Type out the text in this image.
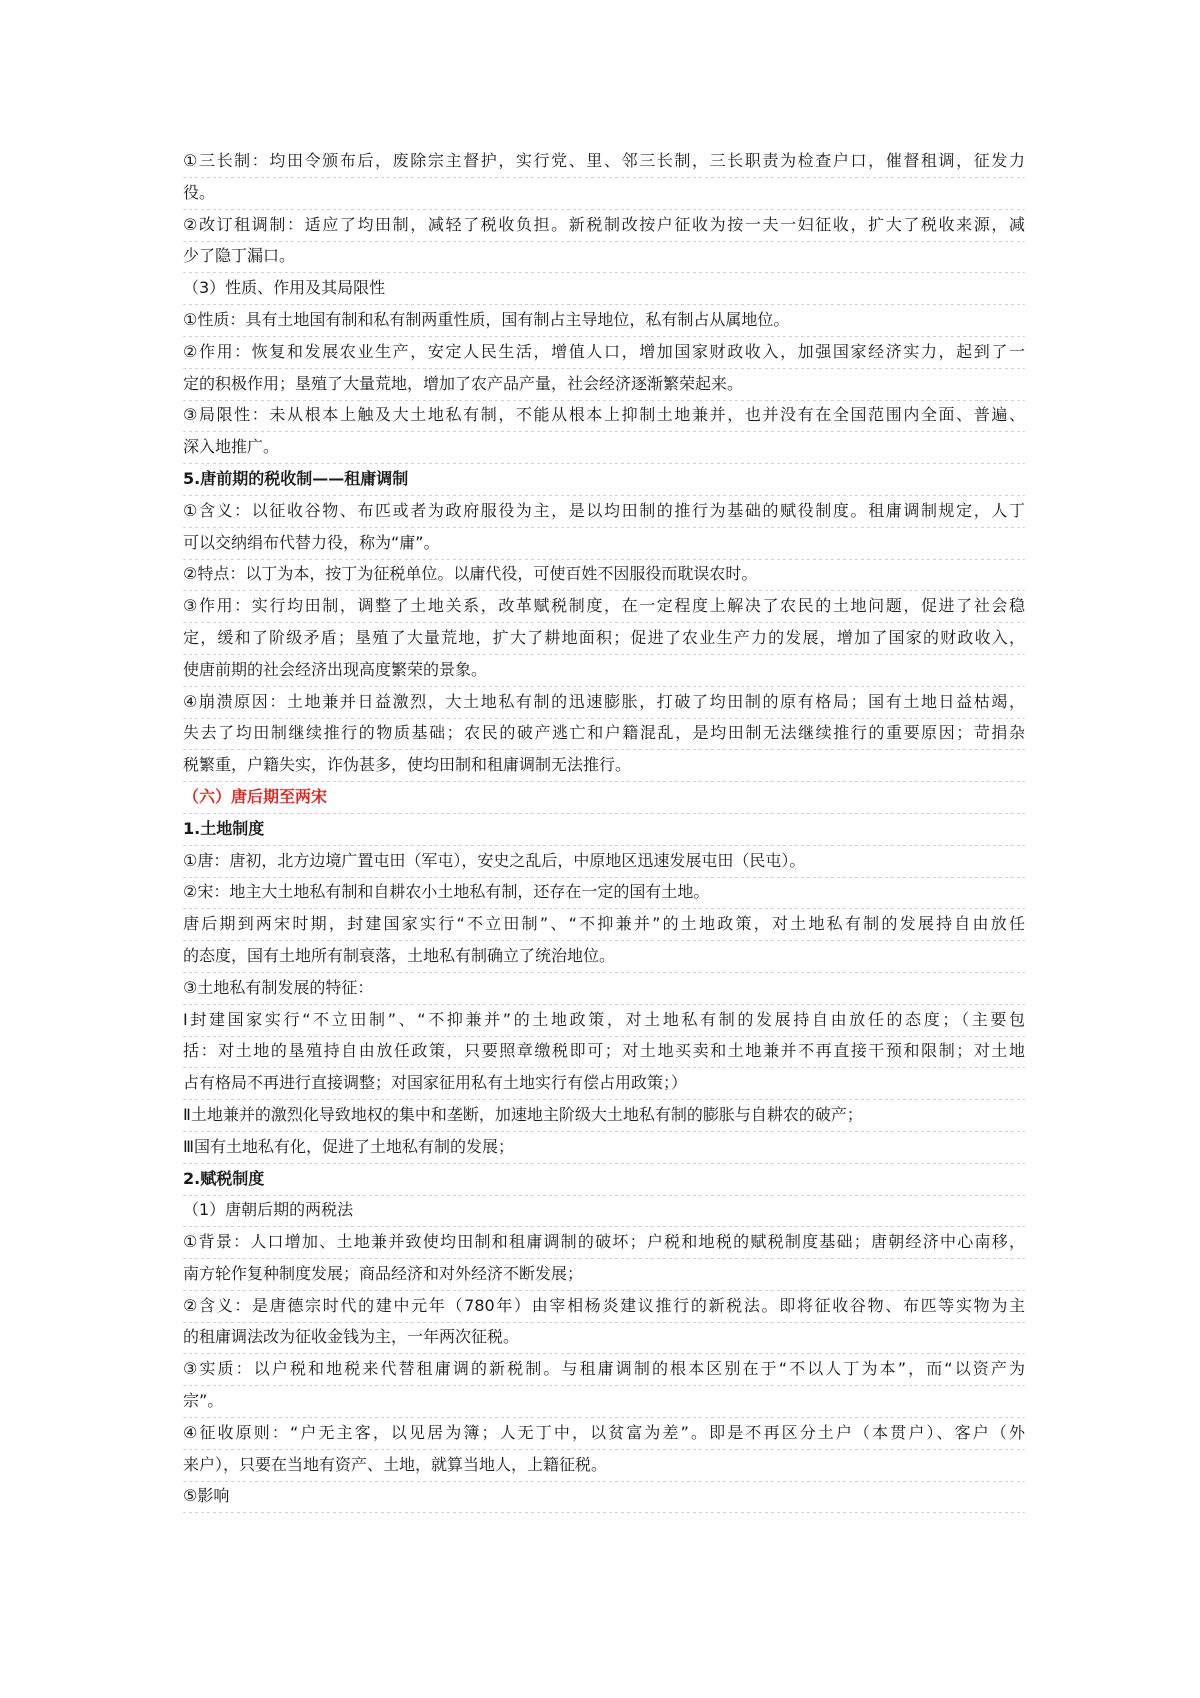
①三长制：均田令颁布后，废除宗主督护，实行党、里、邻三长制，三长职责为检查户口，催督租调，征发力
役。
②改订租调制：适应了均田制，减轻了税收负担。新税制改按户征收为按一夫一妇征收，扩大了税收来源，减
少了隐丁漏口。
（3）性质、作用及其局限性
①性质：具有土地国有制和私有制两重性质，国有制占主导地位，私有制占从属地位。
②作用：恢复和发展农业生产，安定人民生活，增值人口，增加国家财政收入，加强国家经济实力，起到了一
定的积极作用；垦殖了大量荒地，增加了农产品产量，社会经济逐渐繁荣起来。
③局限性：未从根本上触及大土地私有制，不能从根本上抑制土地兼并，也并没有在全国范围内全面、普遍、
深入地推广。
5.唐前期的税收制——租庸调制
①含义：以征收谷物、布匹或者为政府服役为主，是以均田制的推行为基础的赋役制度。租庸调制规定，人丁
可以交纳绢布代替力役，称为“庸”。
②特点：以丁为本，按丁为征税单位。以庸代役，可使百姓不因服役而耽误农时。
③作用：实行均田制，调整了土地关系，改革赋税制度，在一定程度上解决了农民的土地问题，促进了社会稳
定，缓和了阶级矛盾；垦殖了大量荒地，扩大了耕地面积；促进了农业生产力的发展，增加了国家的财政收入，
使唐前期的社会经济出现高度繁荣的景象。
④崩溃原因：土地兼并日益激烈，大土地私有制的迅速膨胀，打破了均田制的原有格局；国有土地日益枯竭，
失去了均田制继续推行的物质基础；农民的破产逃亡和户籍混乱，是均田制无法继续推行的重要原因；苛捐杂
税繁重，户籍失实，诈伪甚多，使均田制和租庸调制无法推行。
（六）唐后期至两宋
1.土地制度
①唐：唐初，北方边境广置屯田（军屯），安史之乱后，中原地区迅速发展屯田（民屯）。
②宋：地主大土地私有制和自耕农小土地私有制，还存在一定的国有土地。
唐后期到两宋时期，封建国家实行“不立田制”、“不抑兼并”的土地政策，对土地私有制的发展持自由放任
的态度，国有土地所有制衰落，土地私有制确立了统治地位。
③土地私有制发展的特征：
Ⅰ封建国家实行“不立田制”、“不抑兼并”的土地政策，对土地私有制的发展持自由放任的态度；（主要包
括：对土地的垦殖持自由放任政策，只要照章缴税即可；对土地买卖和土地兼并不再直接干预和限制；对土地
占有格局不再进行直接调整；对国家征用私有土地实行有偿占用政策；）
Ⅱ土地兼并的激烈化导致地权的集中和垄断，加速地主阶级大土地私有制的膨胀与自耕农的破产；
Ⅲ国有土地私有化，促进了土地私有制的发展；
2.赋税制度
（1）唐朝后期的两税法
①背景：人口增加、土地兼并致使均田制和租庸调制的破坏；户税和地税的赋税制度基础；唐朝经济中心南移，
南方轮作复种制度发展；商品经济和对外经济不断发展；
②含义：是唐德宗时代的建中元年（780年）由宰相杨炎建议推行的新税法。即将征收谷物、布匹等实物为主
的租庸调法改为征收金钱为主，一年两次征税。
③实质：以户税和地税来代替租庸调的新税制。与租庸调制的根本区别在于“不以人丁为本”，而“以资产为
宗”。
④征收原则：“户无主客，以见居为簿；人无丁中，以贫富为差”。即是不再区分土户（本贯户）、客户（外
来户），只要在当地有资产、土地，就算当地人，上籍征税。
⑤影响
